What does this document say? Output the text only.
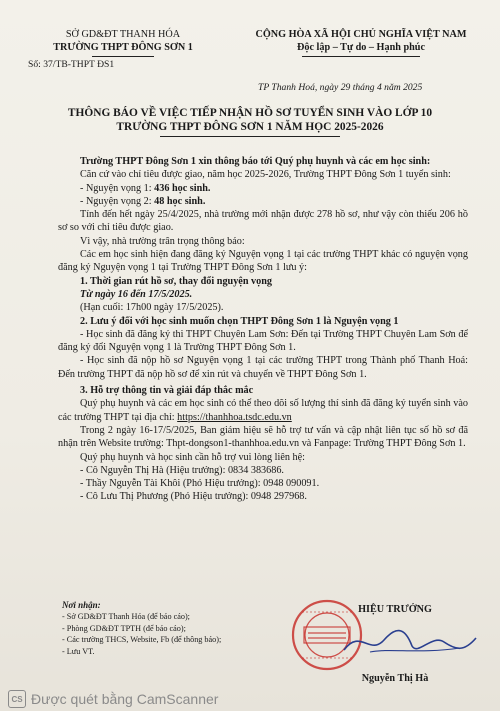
SỞ GD&ĐT THANH HÓA
TRƯỜNG THPT ĐÔNG SƠN 1
Số: 37/TB-THPT ĐS1
CỘNG HÒA XÃ HỘI CHỦ NGHĨA VIỆT NAM
Độc lập – Tự do – Hạnh phúc
TP Thanh Hoá, ngày 29 tháng 4 năm 2025
THÔNG BÁO VỀ VIỆC TIẾP NHẬN HỒ SƠ TUYỂN SINH VÀO LỚP 10
TRƯỜNG THPT ĐÔNG SƠN 1 NĂM HỌC 2025-2026

Trường THPT Đông Sơn 1 xin thông báo tới Quý phụ huynh và các em học sinh:

Căn cứ vào chỉ tiêu được giao, năm học 2025-2026, Trường THPT Đông Sơn 1 tuyển sinh:

- Nguyện vọng 1: 436 học sinh.

- Nguyện vọng 2: 48 học sinh.

Tính đến hết ngày 25/4/2025, nhà trường mới nhận được 278 hồ sơ, như vậy còn thiếu 206 hồ sơ so với chỉ tiêu được giao.

Vì vậy, nhà trường trân trọng thông báo:

Các em học sinh hiện đang đăng ký Nguyện vọng 1 tại các trường THPT khác có nguyện vọng đăng ký Nguyện vọng 1 tại Trường THPT Đông Sơn 1 lưu ý:

1. Thời gian rút hồ sơ, thay đổi nguyện vọng

Từ ngày 16 đến 17/5/2025.

(Hạn cuối: 17h00 ngày 17/5/2025).

2. Lưu ý đối với học sinh muốn chọn THPT Đông Sơn 1 là Nguyện vọng 1

- Học sinh đã đăng ký thi THPT Chuyên Lam Sơn: Đến tại Trường THPT Chuyên Lam Sơn để đăng ký đổi Nguyện vọng 1 là Trường THPT Đông Sơn 1.

- Học sinh đã nộp hồ sơ Nguyện vọng 1 tại các trường THPT trong Thành phố Thanh Hoá: Đến trường THPT đã nộp hồ sơ để xin rút và chuyển về THPT Đông Sơn 1.

3. Hỗ trợ thông tin và giải đáp thắc mắc

Quý phụ huynh và các em học sinh có thể theo dõi số lượng thí sinh đã đăng ký tuyển sinh vào các trường THPT tại địa chỉ: https://thanhhoa.tsdc.edu.vn

Trong 2 ngày 16-17/5/2025, Ban giám hiệu sẽ hỗ trợ tư vấn và cập nhật liên tục số hồ sơ đã nhận trên Website trường: Thpt-dongson1-thanhhoa.edu.vn và Fanpage: Trường THPT Đông Sơn 1.

Quý phụ huynh và học sinh cần hỗ trợ vui lòng liên hệ:

- Cô Nguyễn Thị Hà (Hiệu trưởng): 0834 383686.

- Thầy Nguyễn Tài Khôi (Phó Hiệu trưởng): 0948 090091.

- Cô Lưu Thị Phương (Phó Hiệu trưởng): 0948 297968.

Nơi nhận:
- Sở GD&ĐT Thanh Hóa (để báo cáo);
- Phòng GD&ĐT TPTH (để báo cáo);
- Các trường THCS, Website, Fb (để thông báo);
- Lưu VT.
HIỆU TRƯỞNG
Nguyễn Thị Hà
CS Được quét bằng CamScanner
